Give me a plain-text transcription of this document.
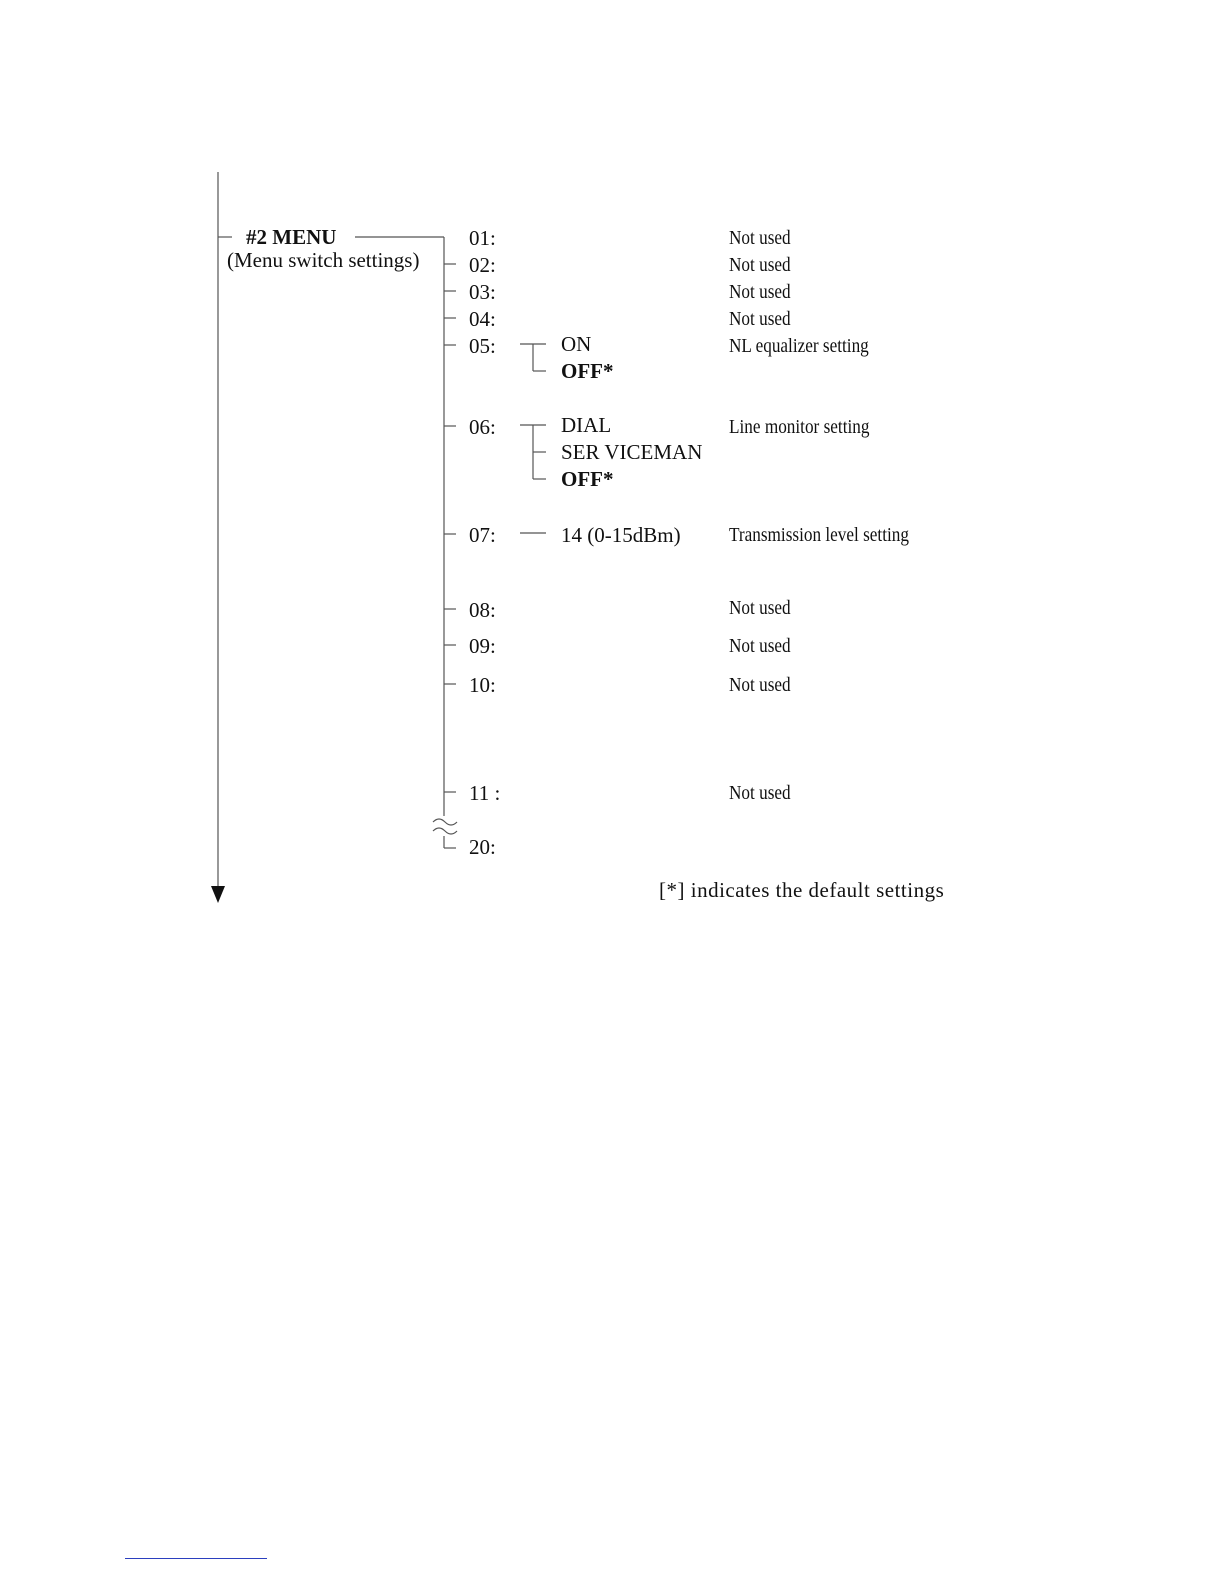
#2 MENU
(Menu switch settings)
01:
02:
03:
04:
05:
06:
07:
08:
09:
10:
11 :
20:
ON
OFF*
DIAL
SER VICEMAN
OFF*
14 (0-15dBm)
Not used
Not used
Not used
Not used
NL equalizer setting
Line monitor setting
Transmission level setting
Not used
Not used
Not used
Not used
[*] indicates the default settings
